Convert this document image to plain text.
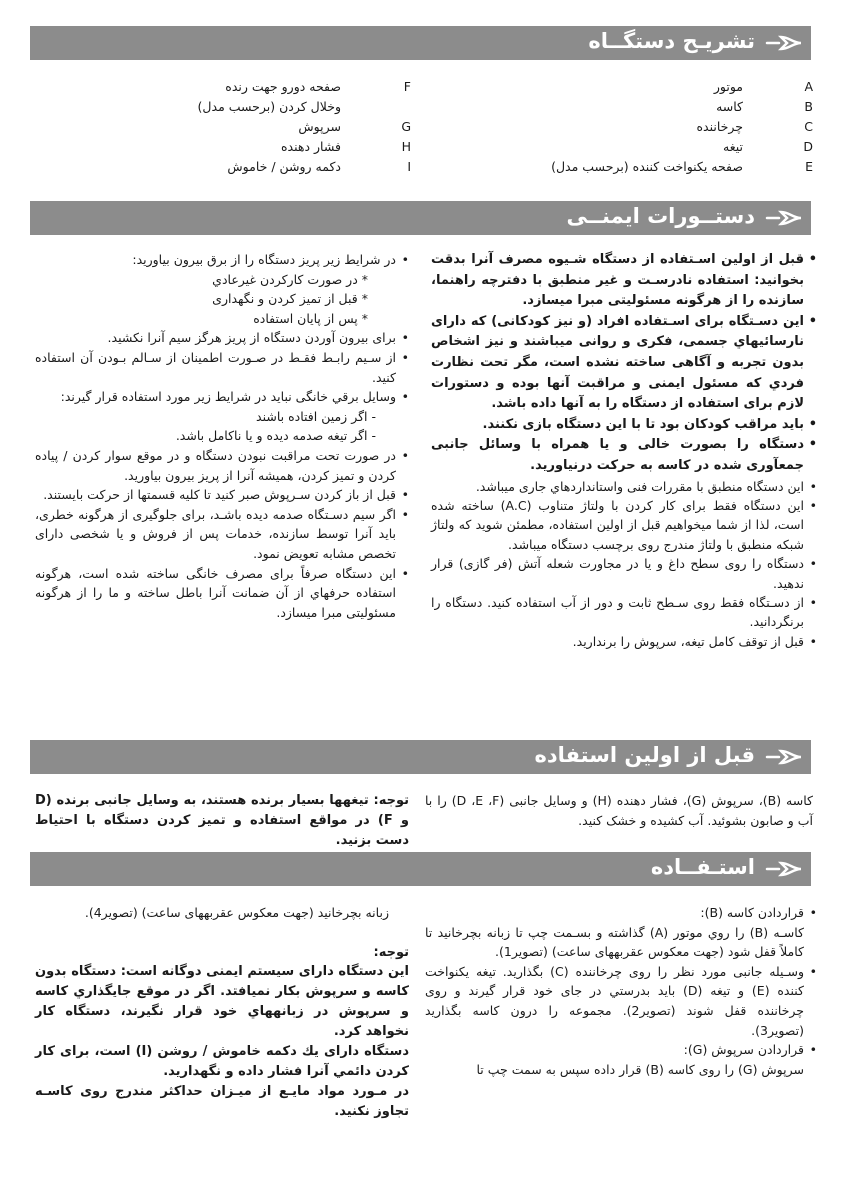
تشریـح دستگــاه
A
موتور
B
کاسه
C
چرخاننده
D
تیغه
E
صفحه یکنواخت کننده (برحسب مدل)
F
صفحه دورو جهت رنده
وخلال کردن (برحسب مدل)
G
سرپوش
H
فشار دهنده
I
دکمه روشن / خاموش
دستــورات ایمنــی
• قبل از اولین اسـتفاده از دستگاه شـیوه مصرف آنرا بدقت بخوانید: استفاده نادرسـت و غیر منطبق با دفترچه راهنما، سازنده را از هرگونه مسئولیتی مبرا میسازد.
• این دسـتگاه برای اسـتفاده افراد (و نیز کودکانی) که دارای نارسائیهاي جسمی، فکری و روانی میباشند و نیز اشخاص بدون تجربه و آگاهی ساخته نشده است، مگر تحت نظارت فردي که مسئول ایمنی و مراقبت آنها بوده و دستورات لازم برای استفاده از دستگاه را به آنها داده باشد.
• باید مراقب کودکان بود تا با این دستگاه بازی نکنند.
• دستگاه را بصورت خالی و یا همراه با وسائل جانبی جمعآوری شده در کاسه به حرکت درنیاورید.
• این دستگاه منطبق با مقررات فنی واستانداردهاي جاری میباشد.
• این دستگاه فقط برای کار کردن با ولتاژ متناوب (A.C) ساخته شده است، لذا از شما میخواهیم قبل از اولین استفاده، مطمئن شوید که ولتاژ شبکه منطبق با ولتاژ مندرج روی برچسب دستگاه میباشد.
• دستگاه را روی سطح داغ و یا در مجاورت شعله آتش (فر گازی) قرار ندهید.
• از دسـتگاه فقط روی سـطح ثابت و دور از آب استفاده کنید. دستگاه را برنگردانید.
• قبل از توقف کامل تیغه، سرپوش را برندارید.
• در شرایط زیر پریز دستگاه را از برق بیرون بیاورید:
* در صورت کارکردن غیرعادي
* قبل از تمیز کردن و نگهداری
* پس از پایان استفاده
• برای بیرون آوردن دستگاه از پریز هرگز سیم آنرا نکشید.
• از سـیم رابـط فقـط در صـورت اطمینان از سـالم بـودن آن استفاده کنید.
• وسایل برقي خانگی نباید در شرایط زیر مورد استفاده قرار گیرند:
- اگر زمین افتاده باشند
- اگر تیغه صدمه دیده و یا ناکامل باشد.
• در صورت تحت مراقبت نبودن دستگاه و در موقع سوار کردن / پیاده کردن و تمیز کردن، همیشه آنرا از پریز بیرون بیاورید.
• قبل از باز کردن سـرپوش صبر کنید تا کلیه قسمتها از حرکت بایستند.
• اگر سیم دسـتگاه صدمه دیده باشـد، برای جلوگیری از هرگونه خطری، باید آنرا توسط سازنده، خدمات پس از فروش و یا شخصی دارای تخصص مشابه تعویض نمود.
• این دستگاه صرفاً برای مصرف خانگی ساخته شده است، هرگونه استفاده حرفهاي از آن ضمانت آنرا باطل ساخته و ما را از هرگونه مسئولیتی مبرا میسازد.
قبل از اولین استفاده
کاسه (B)، سرپوش (G)، فشار دهنده (H) و وسایل جانبی (D ،E ،F) را با آب و صابون بشوئید. آب کشیده و خشک کنید.
توجه: تیغهها بسیار برنده هستند، به وسایل جانبی برنده (D و F) در مواقع استفاده و تمیز کردن دستگاه با احتیاط دست بزنید.
استـفــاده
• قراردادن کاسه (B):
کاسـه (B) را روي موتور (A) گذاشته و بسـمت چپ تا زبانه بچرخانید تا کاملاً قفل شود (جهت معکوس عقربههای ساعت) (تصویر1).
• وسـیله جانبی مورد نظر را روی چرخاننده (C) بگذارید. تیغه یکنواخت کننده (E) و تیغه (D) باید بدرستي در جای خود قرار گیرند و روی چرخاننده قفل شوند (تصویر2). مجموعه را درون کاسه بگذارید (تصویر3).
• قراردادن سرپوش (G):
سرپوش (G) را روی کاسه (B) قرار داده سپس به سمت چپ تا
زبانه بچرخانید (جهت معکوس عقربههای ساعت) (تصویر4).
توجه:
این دستگاه دارای سیستم ایمنی دوگانه است: دستگاه بدون کاسه و سرپوش بکار نميافتد. اگر در موقع جايگذاري کاسه و سرپوش در زبانههاي خود قرار نگیرند، دستگاه کار نخواهد کرد.
دستگاه دارای یك دکمه خاموش / روشن (I) است، برای کار کردن دائمي آنرا فشار داده و نگهدارید.
در مـورد مواد مایـع از میـزان حداکثر مندرج روی کاسـه تجاوز نکنید.
